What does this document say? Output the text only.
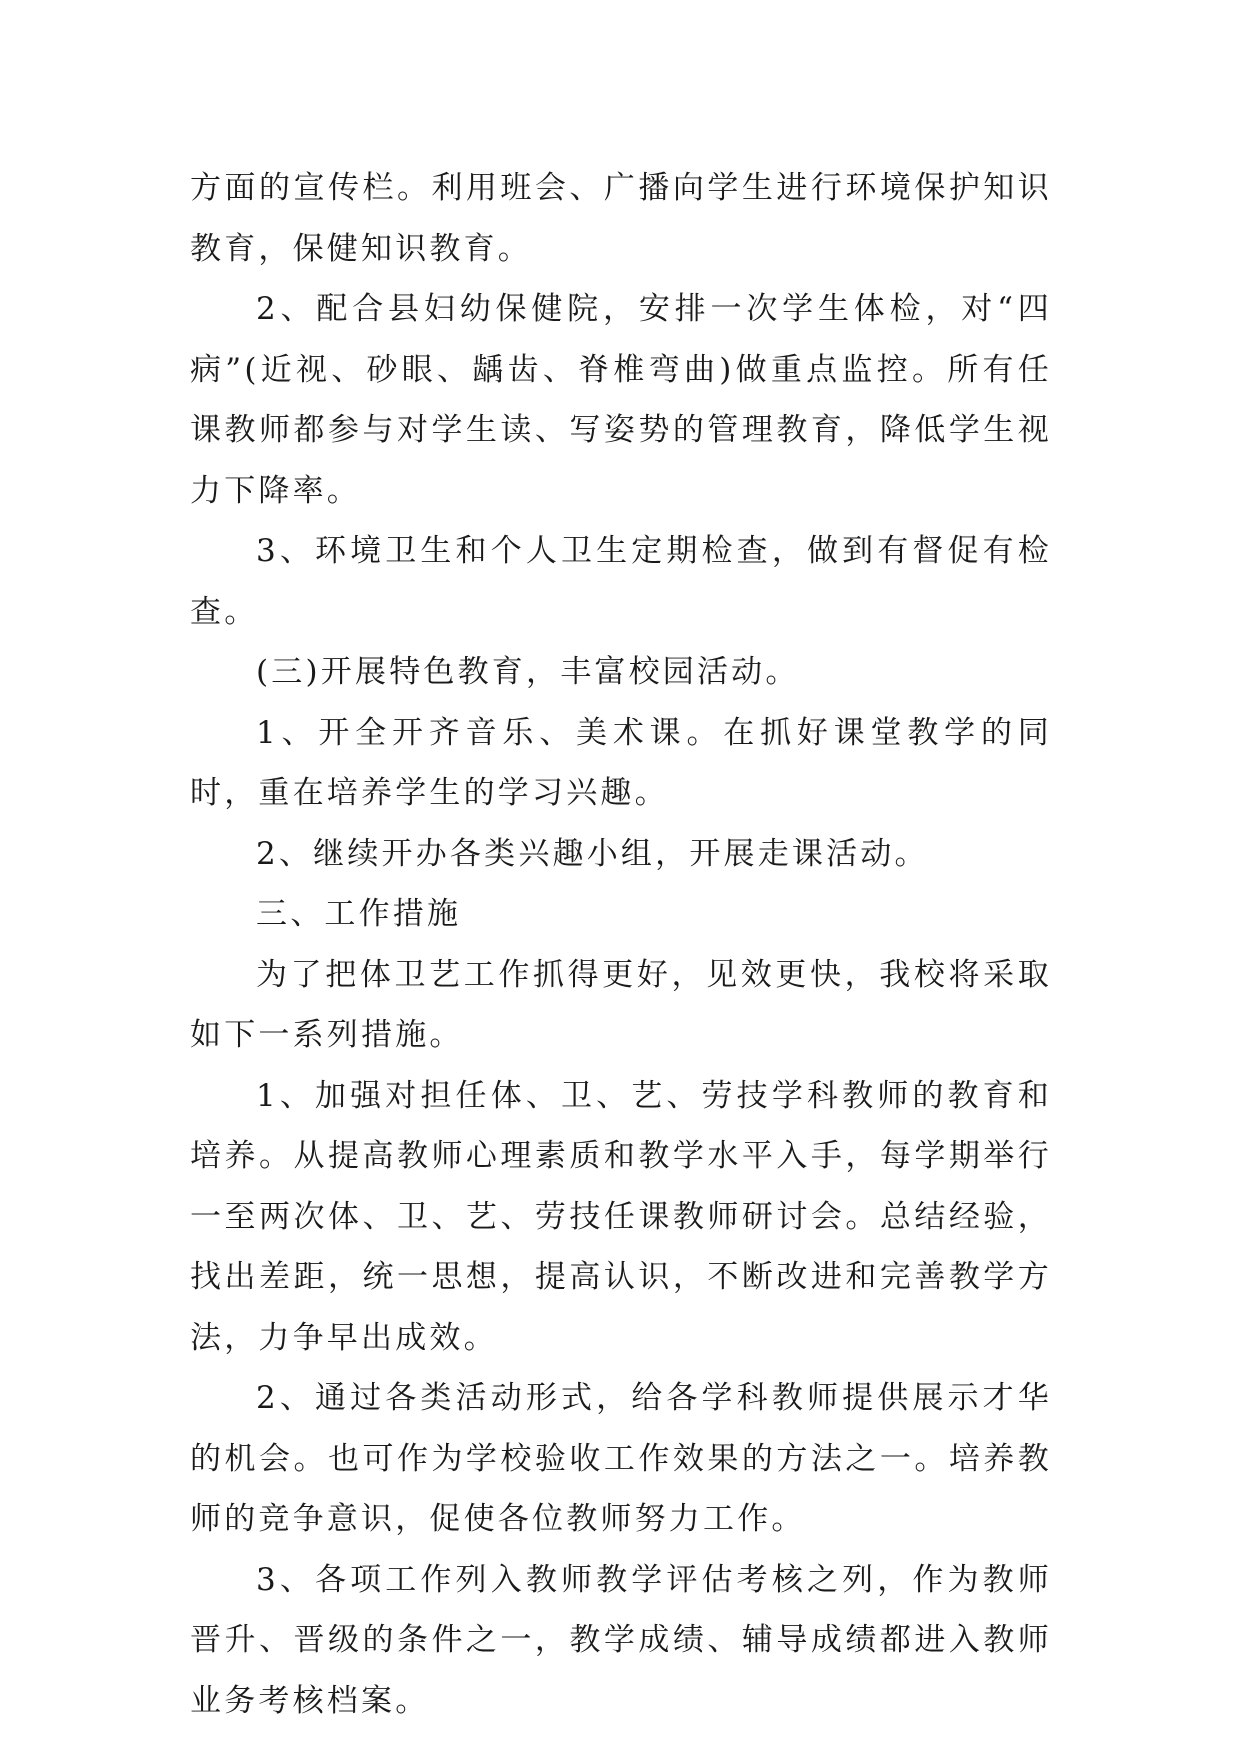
方面的宣传栏。利用班会、广播向学生进行环境保护知识教育，保健知识教育。

2、配合县妇幼保健院，安排一次学生体检，对“四病”(近视、砂眼、龋齿、脊椎弯曲)做重点监控。所有任课教师都参与对学生读、写姿势的管理教育，降低学生视力下降率。

3、环境卫生和个人卫生定期检查，做到有督促有检查。

(三)开展特色教育，丰富校园活动。

1、开全开齐音乐、美术课。在抓好课堂教学的同时，重在培养学生的学习兴趣。

2、继续开办各类兴趣小组，开展走课活动。

三、工作措施

为了把体卫艺工作抓得更好，见效更快，我校将采取如下一系列措施。

1、加强对担任体、卫、艺、劳技学科教师的教育和培养。从提高教师心理素质和教学水平入手，每学期举行一至两次体、卫、艺、劳技任课教师研讨会。总结经验，找出差距，统一思想，提高认识，不断改进和完善教学方法，力争早出成效。

2、通过各类活动形式，给各学科教师提供展示才华的机会。也可作为学校验收工作效果的方法之一。培养教师的竞争意识，促使各位教师努力工作。

3、各项工作列入教师教学评估考核之列，作为教师晋升、晋级的条件之一，教学成绩、辅导成绩都进入教师业务考核档案。
